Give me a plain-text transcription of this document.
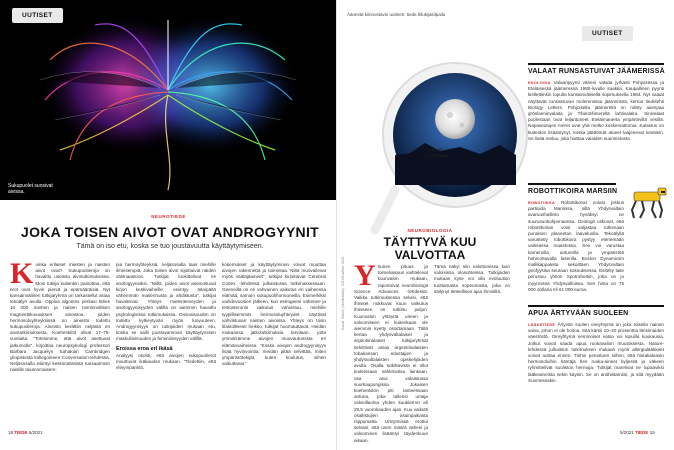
UUTISET
Sukupuolet suosivat aivissa.
NEUROTIEDE
JOKA TOISEN AIVOT OVAT ANDROGYYNIT
Tämä on iso etu, koska se tuo joustavuutta käyttäytymiseen.
Kuinka erilaiset miesten ja naisten aivot ovat? Sukupuolieroja on havaittu useissa aivotutkimuksissa. Moni tutkija kuitenkin painottaa, että erot ovat hyvin pieniä ja epämääräisiä. Nyt kansainvälinen tutkijaryhmä on tarkastellut asiaa tekoälyn avulla. Oppiva algoritmi perkasi lähes 10 000 miehen ja naisen toiminnallisen magneettikuvauksen aineistoa, joiden hermosoluyhteyksissä on aineisto todettu sukupuolieroja. Aineisto kerättiin neljästä eri aivotutkimuksesta. Koehenkilöt olivat 17–78-vuotiaita. ”Totesimme, että aivot asettuvat jatkumolle”, kirjoittaa neuropsykologi professori Barbara Jacquelyn Sahakian Cambridgen yliopistosta kollegoineen Conversation-lehdessä. Neljäsosalla esiintyi keskimääräistä runsaammin naisille tavanomaisem-
pia hermoyhteyksiä, neljäsosalla taas miehille ilmeisempiä. Joka toisen aivot sijoittuivat näiden välimaastoon. Tutkijat luokittelivat ne androgyyneiksi. ”Niillä, joiden aivot asemoituvat kirjon keskivaiheille, esiintyy äänipäitä vähemmän masennusta ja ahdistusta”, tutkijat havaitsivat. Yhteys mielenterveyden ja androgyynisyyden välillä on aiemmin havaittu psykologisissa tutkimuksissa. Ominaisuuden on todettu kytkeytyvän myös luovuuteen. Androgyynisyys on tutkijoiden mukaan etu, koska se sallii joustavamman käyttäytymisen maskuliinisuuden ja feminiinisyyden välillä.
Eroissa eroa eri ikäsä
Analyysi osoitti, että aivojen sukupuolierot muuttuvat ikäkauden mukaan. ”Tiedettiin, että elinympäristö,
kokemukset ja käyttäytyminen voivat muuttaa aivojen rakennetta ja toimintaa. Niitä muovailevat myös väittäjäaineet”, tutkijat kirjoittavat Cerebral Cortex -lehdessä julkaistussa tutkimuksessaan. Geeneillä on eri vahvuinen vaikutus eri vaiheessa elämää, samoin sukupuolihormoneilla. Esimerkiksi vaihdevuosien jälkeen, kun estrogeeni vähenee ja testosteronin vaikutus vahvistuu, miehille tyypillisemmät hermosoluyhteydet näyttivät vahvistuvan naisten aivoissa. Yhteys on tosin tilastollisesti heikko, tutkijat huomauttavat. Heidän mukaansa jatkotutkimuksia tarvitaan, jotta ymmärrämme aivojen muovautumista eri elämänvaiheissa. ”Koska aivojen androgyynisyys lisää hyvinvointia, meidän pitää selvittää, miten ympäristötekijät, kuten koulutus, siihen vaikuttavat.”
18 TIEDE 5/2021
Äänestä kiinnostavin uutinen: tiede.fi/lukijakilpailu
UUTISET
Kuunvalo
hyytää unta.
Kuvat: iStock (mielikuvitus), 2021/Kuvitus: 2021
NEUROBIOLOGIA
TÄYTTYVÄ KUU VALVOTTAA
Yöunen pituus ja toimeliaisuus vaihtelevat kuunvalon mukaan, raportoivat neurobiologit Science Advances -lehdessä. Vaikka tutkimuksessa selvisi, että ihmiset nukkuvat kuun vaikutus ihmiseen on tutkittu paljon. Kuunvalon yhteyttä uneen ja valvomiseen ei kuitenkaan ole aiemmin kyetty osoittamaan. Tällä kertaa yhdysvaltalaiset ja argentiinalaiset tutkijaryhmät selvittivät asiaa argentiinalaisten tobakansan edustajien ja yhdysvaltalaisten opiskelijoiden avulla. Osalla tutkittavista ei ollut kodeissaan sähkövaloa lainkaan, osa asui valaistussa suurkaupungissa. Jokaisen koehenkilön piti ranteessaan anturia, joka tallensi untaja valveillaoloa yhden kuukierron eli 29,5 vuorokauden ajan. Kuu vaikutti osallistujien asuinpaikasta riippumatta. Unirytmissä erottui selväsi, että unen määrä väheni ja valvominen lisääntyi täydenkuun aikaan.
Tämä näkyi niin valottomissa kuin valoisissa olosuhteissa. Tutkijoiden mukaan kyse voi olla evoluution tuottamasta sopeumasta, joka on säilynyt tieteellisen ajan ihmisillä.
VALAAT RUNSASTUIVAT JÄÄMERISSÄ
EKOLOGIA Valaanpyynti väheni valaita jyrkästi Pohjoisessa ja Eteläisessä jäämeressä 1980-luvulle saakka. Kaupallinen pyynti kiellettiinkin lopulta kansainvälisellä sopimuksella 1984. Nyt valaat näyttävät runsastuvan molemmissa jäämerissä, kertoo tiedelehti Biology Letters. Pohjoisella jäämerellä on nähty aiempaa grönlanninvalaita ja Tšukotšimerellä lahtivalaita. Sinivalaat puolestaan ovat leilantuneet Eteläimanerta ympäröivillä vesillä. Napaseutujen meret ovat yhä melko koskemattomia. Kalastus on kuitenkin lisääntynyt, koska jäättömät alueet laajenevat kesäisin. Se lisää meluu, joka haittaa valaiden suunnistusta.
ROBOTTIKOIRA MARSIIN
ROBOTIIKKA Robottikoirat voivat joskus partioida Marsissa, sillä Yhdysvaltain avaruushallinto hyväksyi ne suurusunkohjemaansa. Geologit uskovat, että robottikoiran voisi valjastaa tutkimaan punaisen planeetan laavaluolia. Tekoälyllä varustetty robottikoira pystyy etenemään vaikeassa maastossa. Sen voi varustaa kameroilla, antureilla ja ympäristöä hahmottavalla laserilla. Boston Dynamicsin mallikappaleita sekoittäen Yhdysvaltain geofyysika seuraan kokouksessa. Esitelty laite perustuu yhtiön Spotrobottiin, joka on jo myynnissä Yhdysvalloissa. Sen hinta on 75 000 dollaria eli 61 000 euroa.
APUA ÄRTYVÄÄN SUOLEEN
LÄÄKETIEDE Ärtyvän suolen oireyhtymä on joka toisella nainen vaiva, johon ei ole hoitoa. Sitä kärsii 10–20 prosenttia länsimaiden väestöstä. Oireyhtymä semmoiset vatsa voi kipuilla kuukausia. Jotkut voivat saada apua ruokavalion muutoksesta. Nature-lehdessä julkaistun tutkimuksen mukaan myös allergialääkkeet voivat auttaa ennen. Tiehoi perustuen siihen, että histakalaisen hermosoluihin häntäjä hen ruoka-aineet kyljessä ja väkeen ryhmittelivät suoliston hermoja. Tutkijat marelivat ne lupaaviksi lääkeaineista sekin käytiin. Se on antihistamiini, ja sitä myydään Suomessakin.
5/2021 TIEDE 19
